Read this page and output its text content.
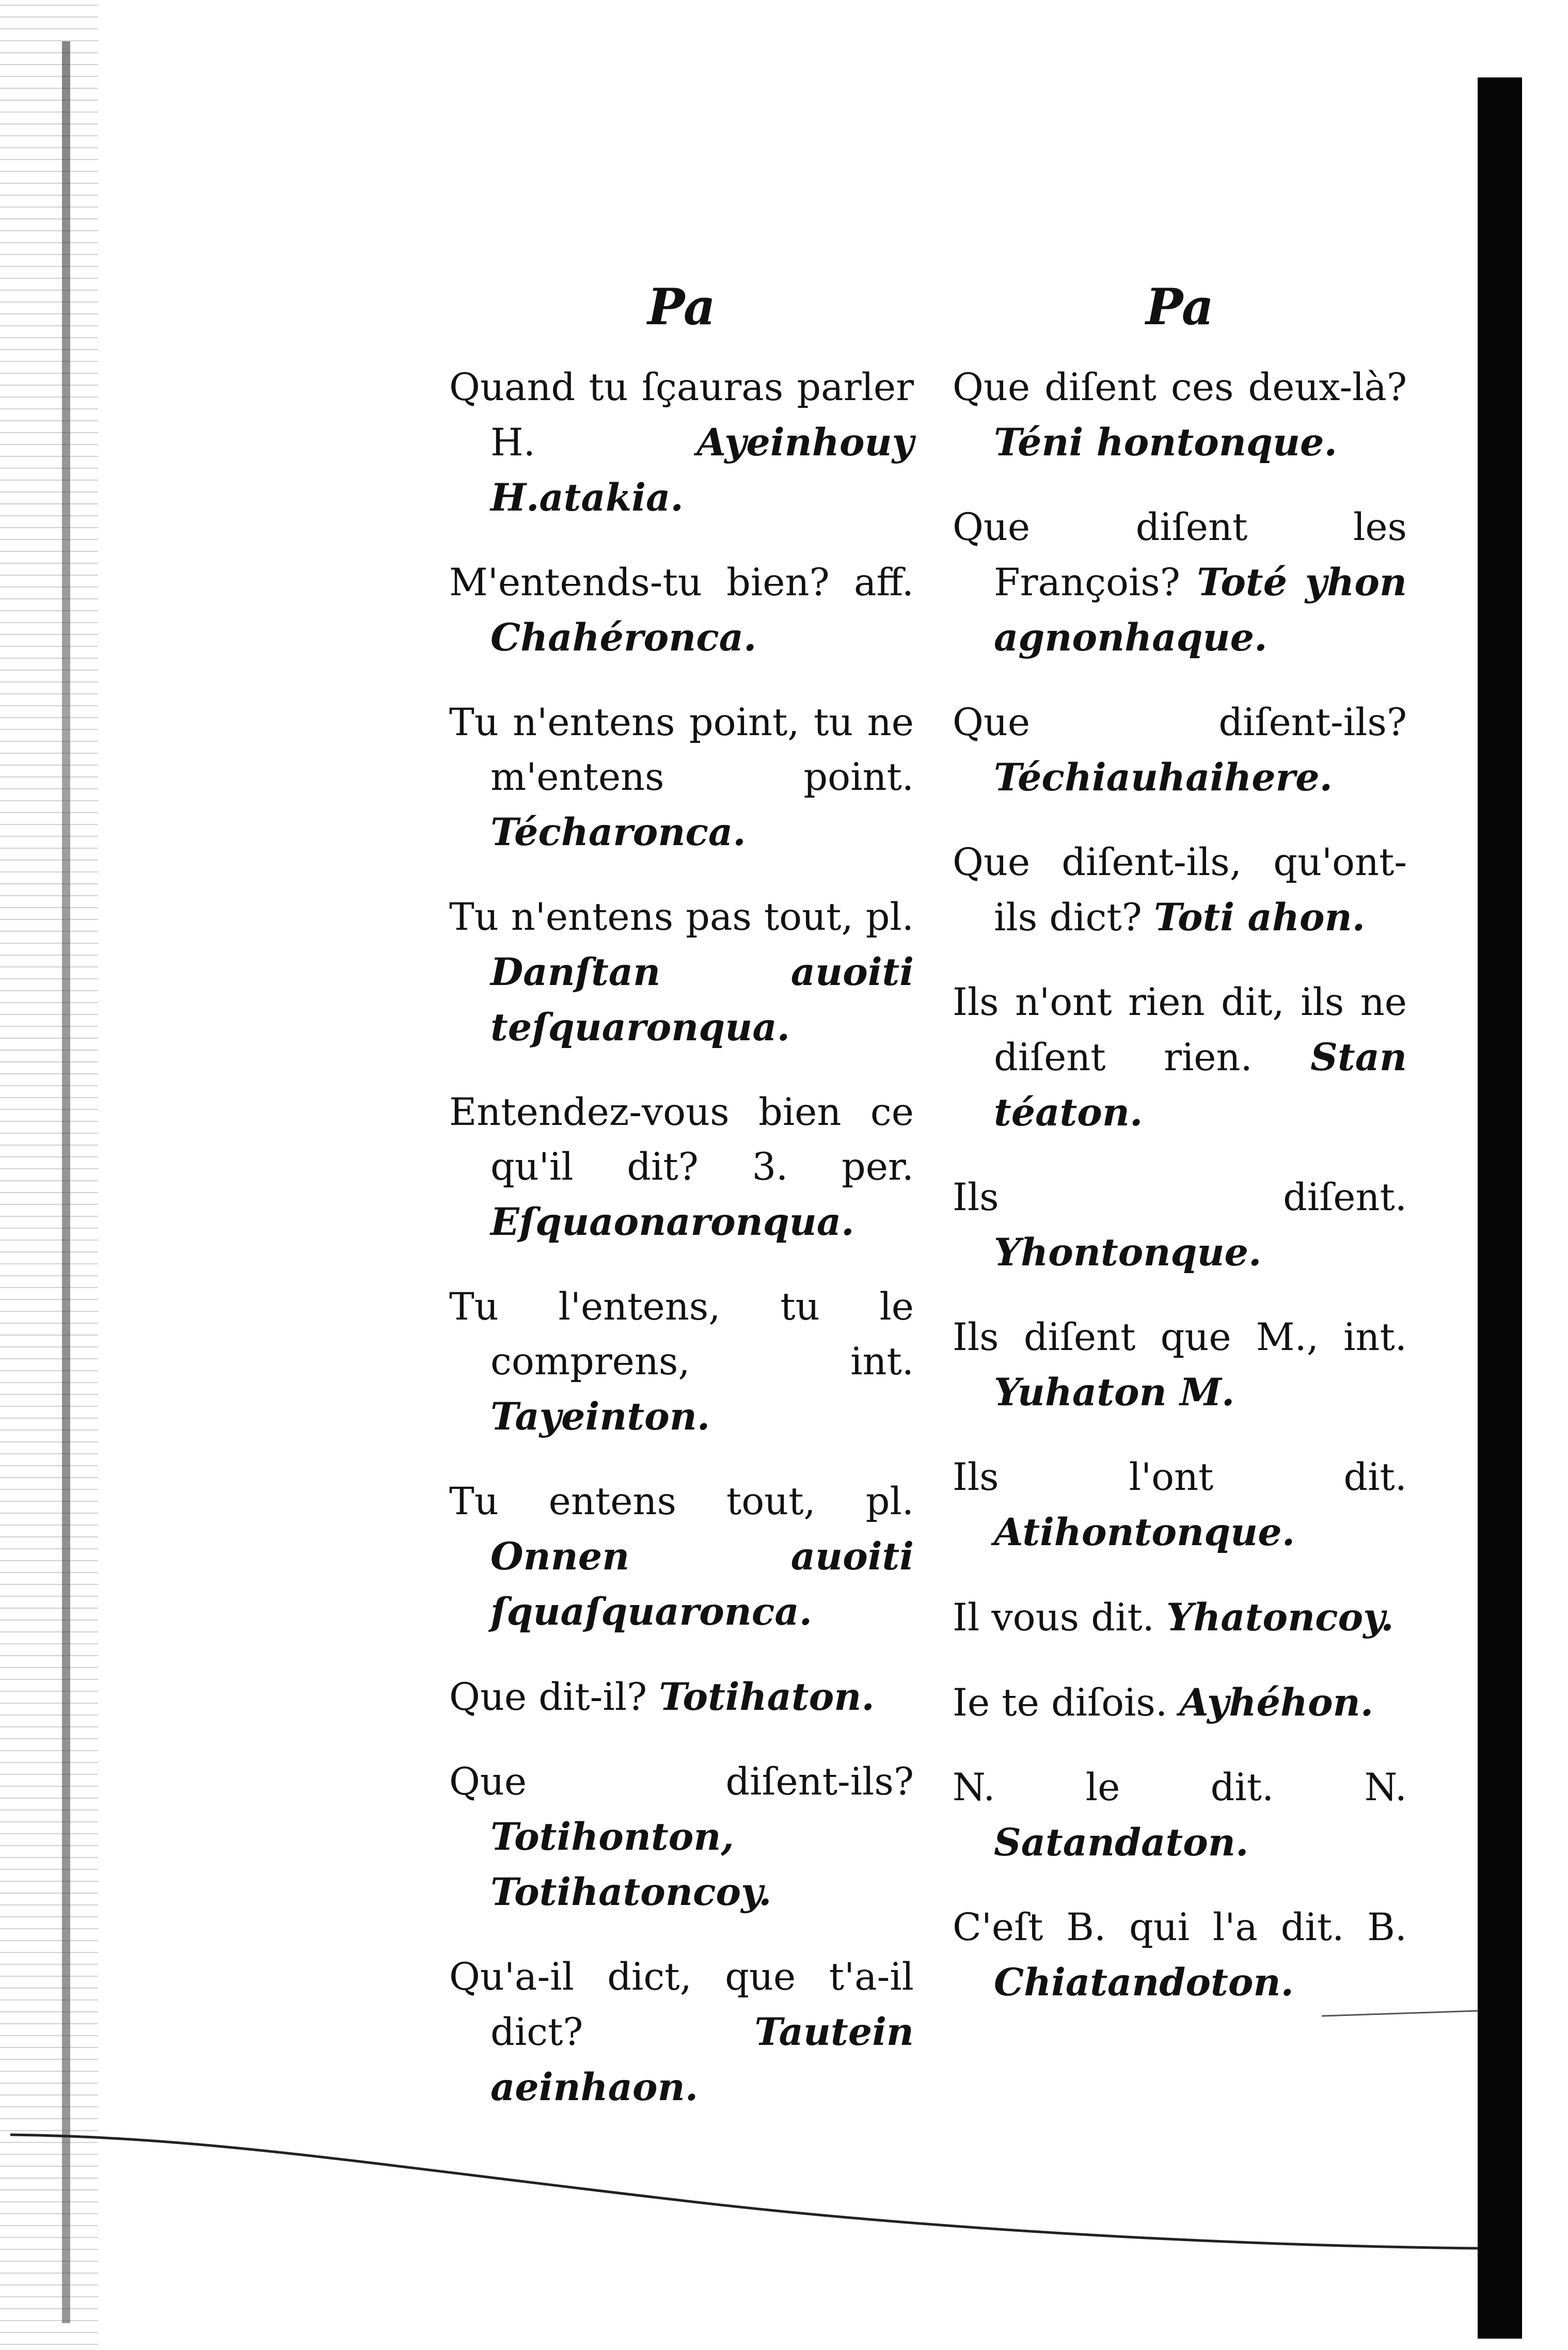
Pa

Quand tu ſçauras parler H.	Ayeinhouy H.atakia.

M'entends-tu bien? aff. Chahéronca.

Tu n'entens point, tu ne m'entens point. Técharonca.

Tu n'entens pas tout, pl. Danſtan auoiti teſquaronqua.

Entendez-vous bien ce qu'il dit? 3. per. Eſquaonaronqua.

Tu l'entens, tu le comprens, int. Tayeinton.

Tu entens tout, pl. Onnen auoiti ſquaſquaronca.

Que dit-il? Totihaton.

Que diſent-ils? Totihonton, Totihatoncoy.

Qu'a-il dict, que t'a-il dict?	Tautein aeinhaon.

Pa

Que diſent ces deux-là? Téni hontonque.

Que diſent les François? Toté yhon agnonhaque.

Que diſent-ils? Téchiauhaihere.

Que diſent-ils, qu'ont-ils dict? Toti ahon.

Ils n'ont rien dit, ils ne diſent rien. Stan téaton.

Ils diſent. Yhontonque.

Ils diſent que M., int. Yuhaton M.

Ils l'ont dit. Atihontonque.

Il vous dit. Yhatoncoy.

Ie te diſois. Ayhéhon.

N. le dit. N. Satandaton.

C'eſt B. qui l'a dit. B. Chiatandoton.
